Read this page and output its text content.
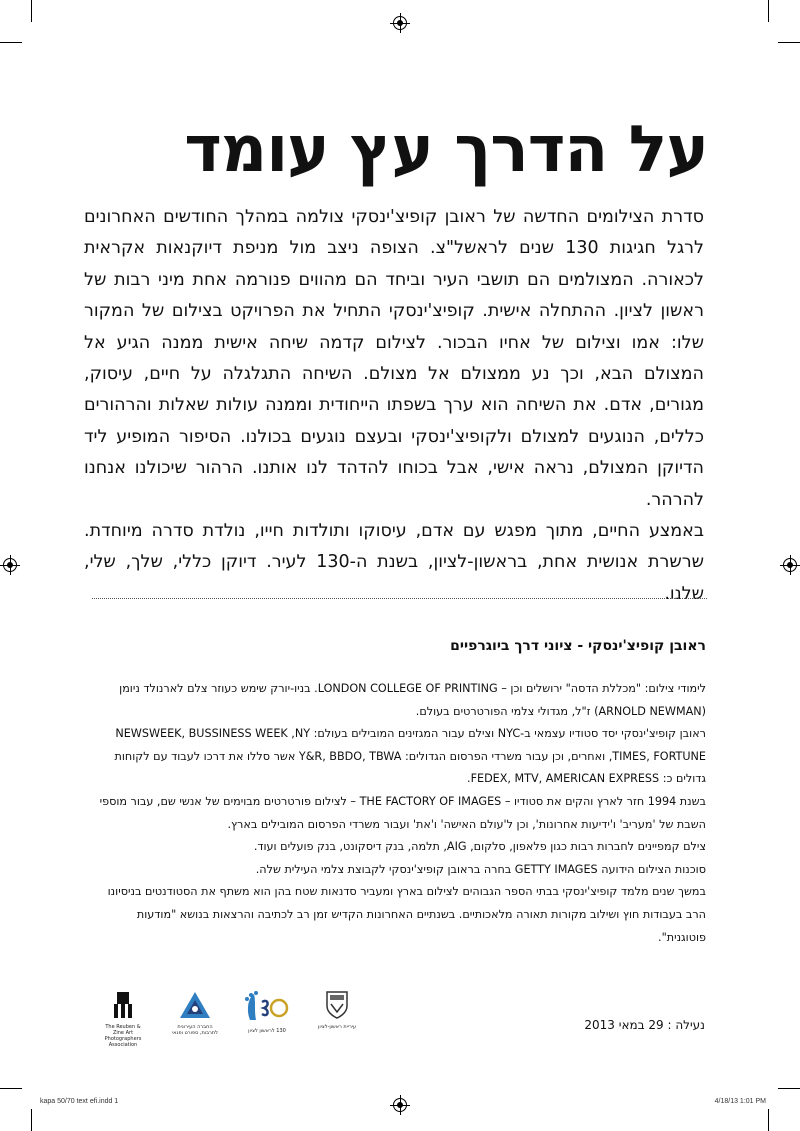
על הדרך עץ עומד

סדרת הצילומים החדשה של ראובן קופיצ'ינסקי צולמה במהלך החודשים האחרונים לרגל חגיגות 130 שנים לראשל"צ. הצופה ניצב מול מניפת דיוקנאות אקראית לכאורה. המצולמים הם תושבי העיר וביחד הם מהווים פנורמה אחת מיני רבות של ראשון לציון. ההתחלה אישית. קופיצ'ינסקי התחיל את הפרויקט בצילום של המקור שלו: אמו וצילום של אחיו הבכור. לצילום קדמה שיחה אישית ממנה הגיע אל המצולם הבא, וכך נע ממצולם אל מצולם. השיחה התגלגלה על חיים, עיסוק, מגורים, אדם. את השיחה הוא ערך בשפתו הייחודית וממנה עולות שאלות והרהורים כללים, הנוגעים למצולם ולקופיצ'ינסקי ובעצם נוגעים בכולנו. הסיפור המופיע ליד הדיוקן המצולם, נראה אישי, אבל בכוחו להדהד לנו אותנו. הרהור שיכולנו אנחנו להרהר.

באמצע החיים, מתוך מפגש עם אדם, עיסוקו ותולדות חייו, נולדת סדרה מיוחדת. שרשרת אנושית אחת, בראשון-לציון, בשנת ה-130 לעיר. דיוקן כללי, שלך, שלי, שלנו.

ראובן קופיצ'ינסקי - ציוני דרך ביוגרפיים

לימודי צילום: "מכללת הדסה" ירושלים וכן – LONDON COLLEGE OF PRINTING. בניו-יורק שימש כעוזר צלם לארנולד ניומן (ARNOLD NEWMAN) ז"ל, מגדולי צלמי הפורטרטים בעולם.

ראובן קופיצ'ינסקי יסד סטודיו עצמאי ב-NYC וצילם עבור המגזינים המובילים בעולם: NEWSWEEK, BUSSINESS WEEK ,NY TIMES, FORTUNE, ואחרים, וכן עבור משרדי הפרסום הגדולים: Y&R, BBDO, TBWA אשר סללו את דרכו לעבוד עם לקוחות גדולים כ: FEDEX, MTV, AMERICAN EXPRESS.

בשנת 1994 חזר לארץ והקים את סטודיו – THE FACTORY OF IMAGES – לצילום פורטרטים מבוימים של אנשי שם, עבור מוספי השבת של 'מעריב' ו'ידיעות אחרונות', וכן ל'עולם האישה' ו'את' ועבור משרדי הפרסום המובילים בארץ.

צילם קמפיינים לחברות רבות כגון פלאפון, סלקום, AIG, תלמה, בנק דיסקונט, בנק פועלים ועוד.

סוכנות הצילום הידועה GETTY IMAGES בחרה בראובן קופיצ'ינסקי לקבוצת צלמי העילית שלה.

במשך שנים מלמד קופיצ'ינסקי בבתי הספר הגבוהים לצילום בארץ ומעביר סדנאות שטח בהן הוא משתף את הסטודנטים בניסיונו הרב בעבודות חוץ ושילוב מקורות תאורה מלאכותיים. בשנתיים האחרונות הקדיש זמן רב לכתיבה והרצאות בנושא "מודעות פוטוגנית".

The Reuben & Zine Art Photographers Association
החברה העירונית לתרבות, ספורט ופנאי	130 לראשון לציון
עיריית ראשון-לציון	נעילה : 29 במאי 2013

kapa 50/70 text efi.indd 1	4/18/13 1:01 PM
